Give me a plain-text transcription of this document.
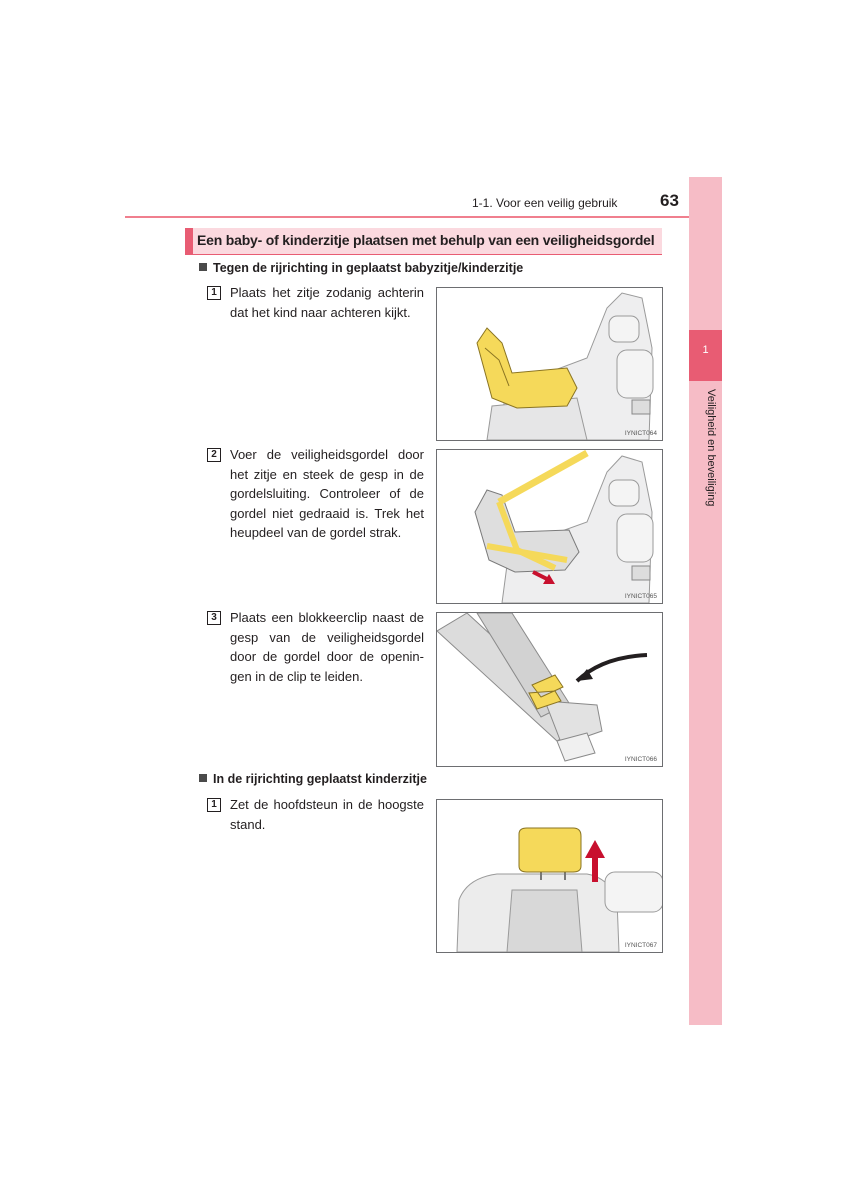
1-1. Voor een veilig gebruik	63
1
Veiligheid en beveiliging
Een baby- of kinderzitje plaatsen met behulp van een veiligheidsgordel
Tegen de rijrichting in geplaatst babyzitje/kinderzitje
1	Plaats het zitje zodanig achterin dat het kind naar achteren kijkt.
IYNICT064
2	Voer de veiligheidsgordel door het zitje en steek de gesp in de gordelsluiting. Controleer of de gordel niet gedraaid is. Trek het heupdeel van de gordel strak.
IYNICT065
3	Plaats een blokkeerclip naast de gesp van de veiligheidsgordel door de gordel door de openin-gen in de clip te leiden.
IYNICT066
In de rijrichting geplaatst kinderzitje
1	Zet de hoofdsteun in de hoogste stand.
IYNICT067
